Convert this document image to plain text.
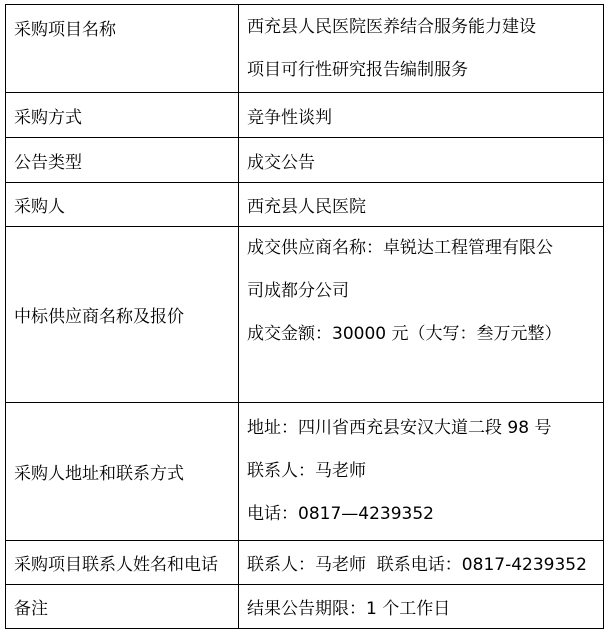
采购项目名称	西充县人民医院医养结合服务能力建设
项目可行性研究报告编制服务

采购方式	竞争性谈判
公告类型	成交公告
采购人	西充县人民医院
中标供应商名称及报价	成交供应商名称：卓锐达工程管理有限公
司成都分公司
成交金额：30000 元（大写：叁万元整）

采购人地址和联系方式	地址：四川省西充县安汉大道二段 98 号
联系人：马老师
电话：0817—4239352

采购项目联系人姓名和电话	联系人：马老师  联系电话：0817-4239352
备注	结果公告期限：1 个工作日
